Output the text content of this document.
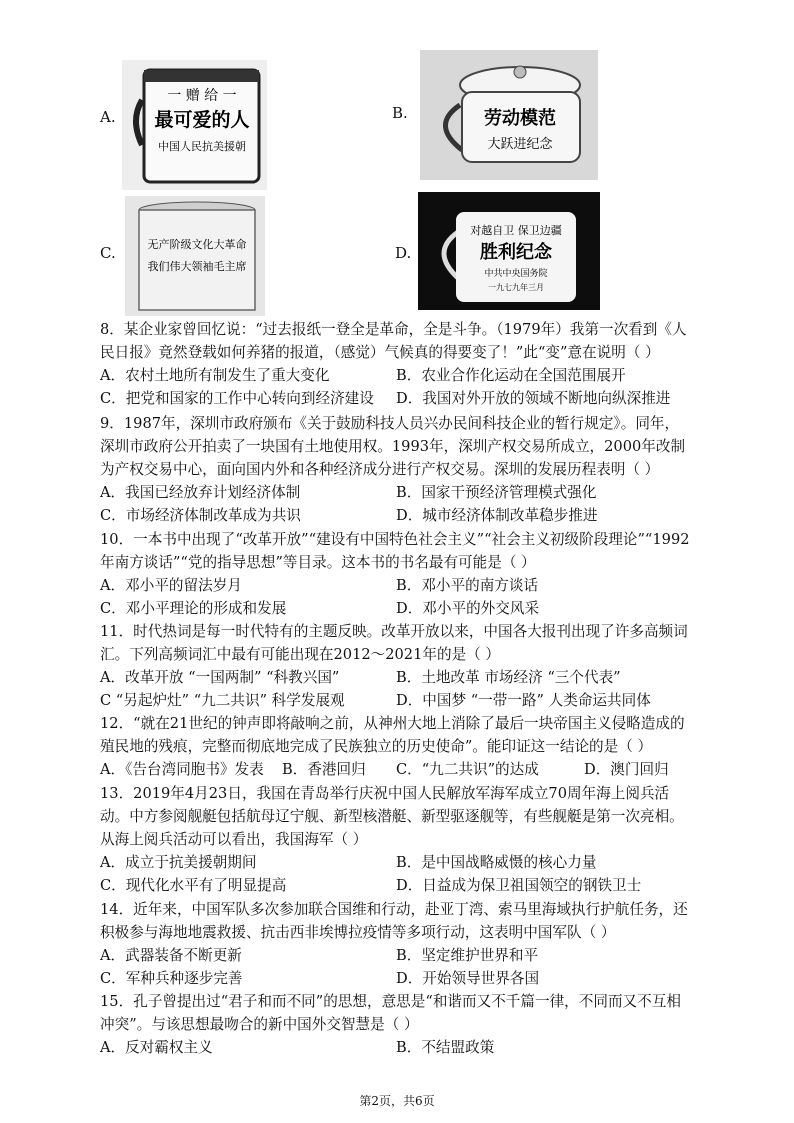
A.
一 赠 给 一
最可爱的人
中国人民抗美援朝
B.	劳动模范
大跃进纪念
C.	无产阶级文化大革命
我们伟大领袖毛主席
D.
对越自卫 保卫边疆
胜利纪念
中共中央国务院
一九七九年三月

8．某企业家曾回忆说：“过去报纸一登全是革命，全是斗争。（1979年）我第一次看到《人

民日报》竟然登载如何养猪的报道，（感觉）气候真的得要变了！”此“变”意在说明（ ）

A．农村土地所有制发生了重大变化	B．农业合作化运动在全国范围展开
C．把党和国家的工作中心转向到经济建设	D．我国对外开放的领域不断地向纵深推进

9．1987年，深圳市政府颁布《关于鼓励科技人员兴办民间科技企业的暂行规定》。同年，

深圳市政府公开拍卖了一块国有土地使用权。1993年，深圳产权交易所成立，2000年改制

为产权交易中心，面向国内外和各种经济成分进行产权交易。深圳的发展历程表明（ ）

A．我国已经放弃计划经济体制	B．国家干预经济管理模式强化
C．市场经济体制改革成为共识	D．城市经济体制改革稳步推进

10．一本书中出现了“改革开放”“建设有中国特色社会主义”“社会主义初级阶段理论”“1992

年南方谈话”“党的指导思想”等目录。这本书的书名最有可能是（ ）

A．邓小平的留法岁月	B．邓小平的南方谈话
C．邓小平理论的形成和发展	D．邓小平的外交风采

11．时代热词是每一时代特有的主题反映。改革开放以来，中国各大报刊出现了许多高频词

汇。下列高频词汇中最有可能出现在2012～2021年的是（ ）

A．改革开放 “一国两制” “科教兴国”	B．土地改革 市场经济 “三个代表”
C “另起炉灶” “九二共识” 科学发展观	D．中国梦 “一带一路” 人类命运共同体

12．“就在21世纪的钟声即将敲响之前，从神州大地上消除了最后一块帝国主义侵略造成的

殖民地的残痕，完整而彻底地完成了民族独立的历史使命”。能印证这一结论的是（ ）

A．《告台湾同胞书》发表	B．香港回归	C．“九二共识”的达成	D．澳门回归

13．2019年4月23日，我国在青岛举行庆祝中国人民解放军海军成立70周年海上阅兵活

动。中方参阅舰艇包括航母辽宁舰、新型核潜艇、新型驱逐舰等，有些舰艇是第一次亮相。

从海上阅兵活动可以看出，我国海军（ ）

A．成立于抗美援朝期间	B．是中国战略威慑的核心力量
C．现代化水平有了明显提高	D．日益成为保卫祖国领空的钢铁卫士

14．近年来，中国军队多次参加联合国维和行动，赴亚丁湾、索马里海域执行护航任务，还

积极参与海地地震救援、抗击西非埃博拉疫情等多项行动，这表明中国军队（ ）

A．武器装备不断更新	B．坚定维护世界和平
C．军种兵种逐步完善	D．开始领导世界各国

15．孔子曾提出过“君子和而不同”的思想，意思是“和谐而又不千篇一律，不同而又不互相

冲突”。与该思想最吻合的新中国外交智慧是（ ）

A．反对霸权主义	B．不结盟政策
第2页，共6页
